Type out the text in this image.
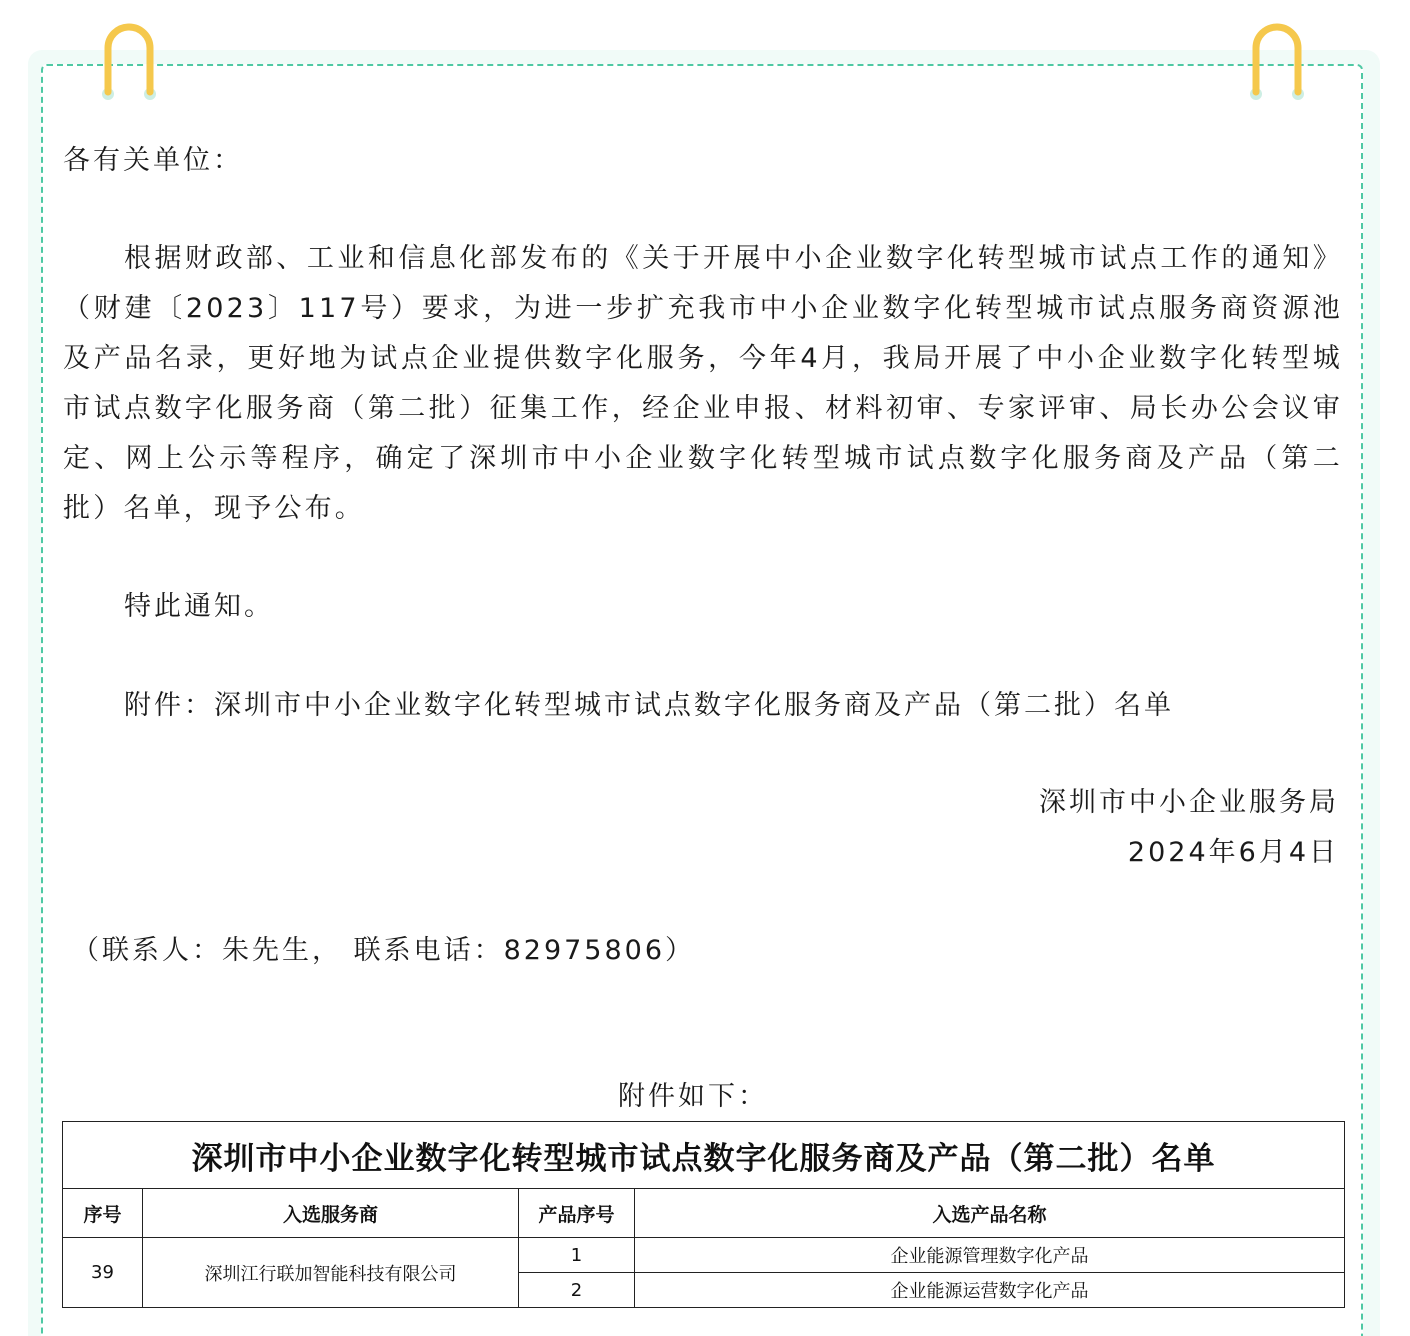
各有关单位：
根据财政部、工业和信息化部发布的《关于开展中小企业数字化转型城市试点工作的通知》（财建〔2023〕117号）要求，为进一步扩充我市中小企业数字化转型城市试点服务商资源池及产品名录，更好地为试点企业提供数字化服务，今年4月，我局开展了中小企业数字化转型城市试点数字化服务商（第二批）征集工作，经企业申报、材料初审、专家评审、局长办公会议审定、网上公示等程序，确定了深圳市中小企业数字化转型城市试点数字化服务商及产品（第二批）名单，现予公布。
特此通知。
附件：深圳市中小企业数字化转型城市试点数字化服务商及产品（第二批）名单
深圳市中小企业服务局
2024年6月4日
（联系人：朱先生， 联系电话：82975806）
附件如下：
深圳市中小企业数字化转型城市试点数字化服务商及产品（第二批）名单			
序号	入选服务商	产品序号	入选产品名称
39	深圳江行联加智能科技有限公司	1	企业能源管理数字化产品
		2	企业能源运营数字化产品
